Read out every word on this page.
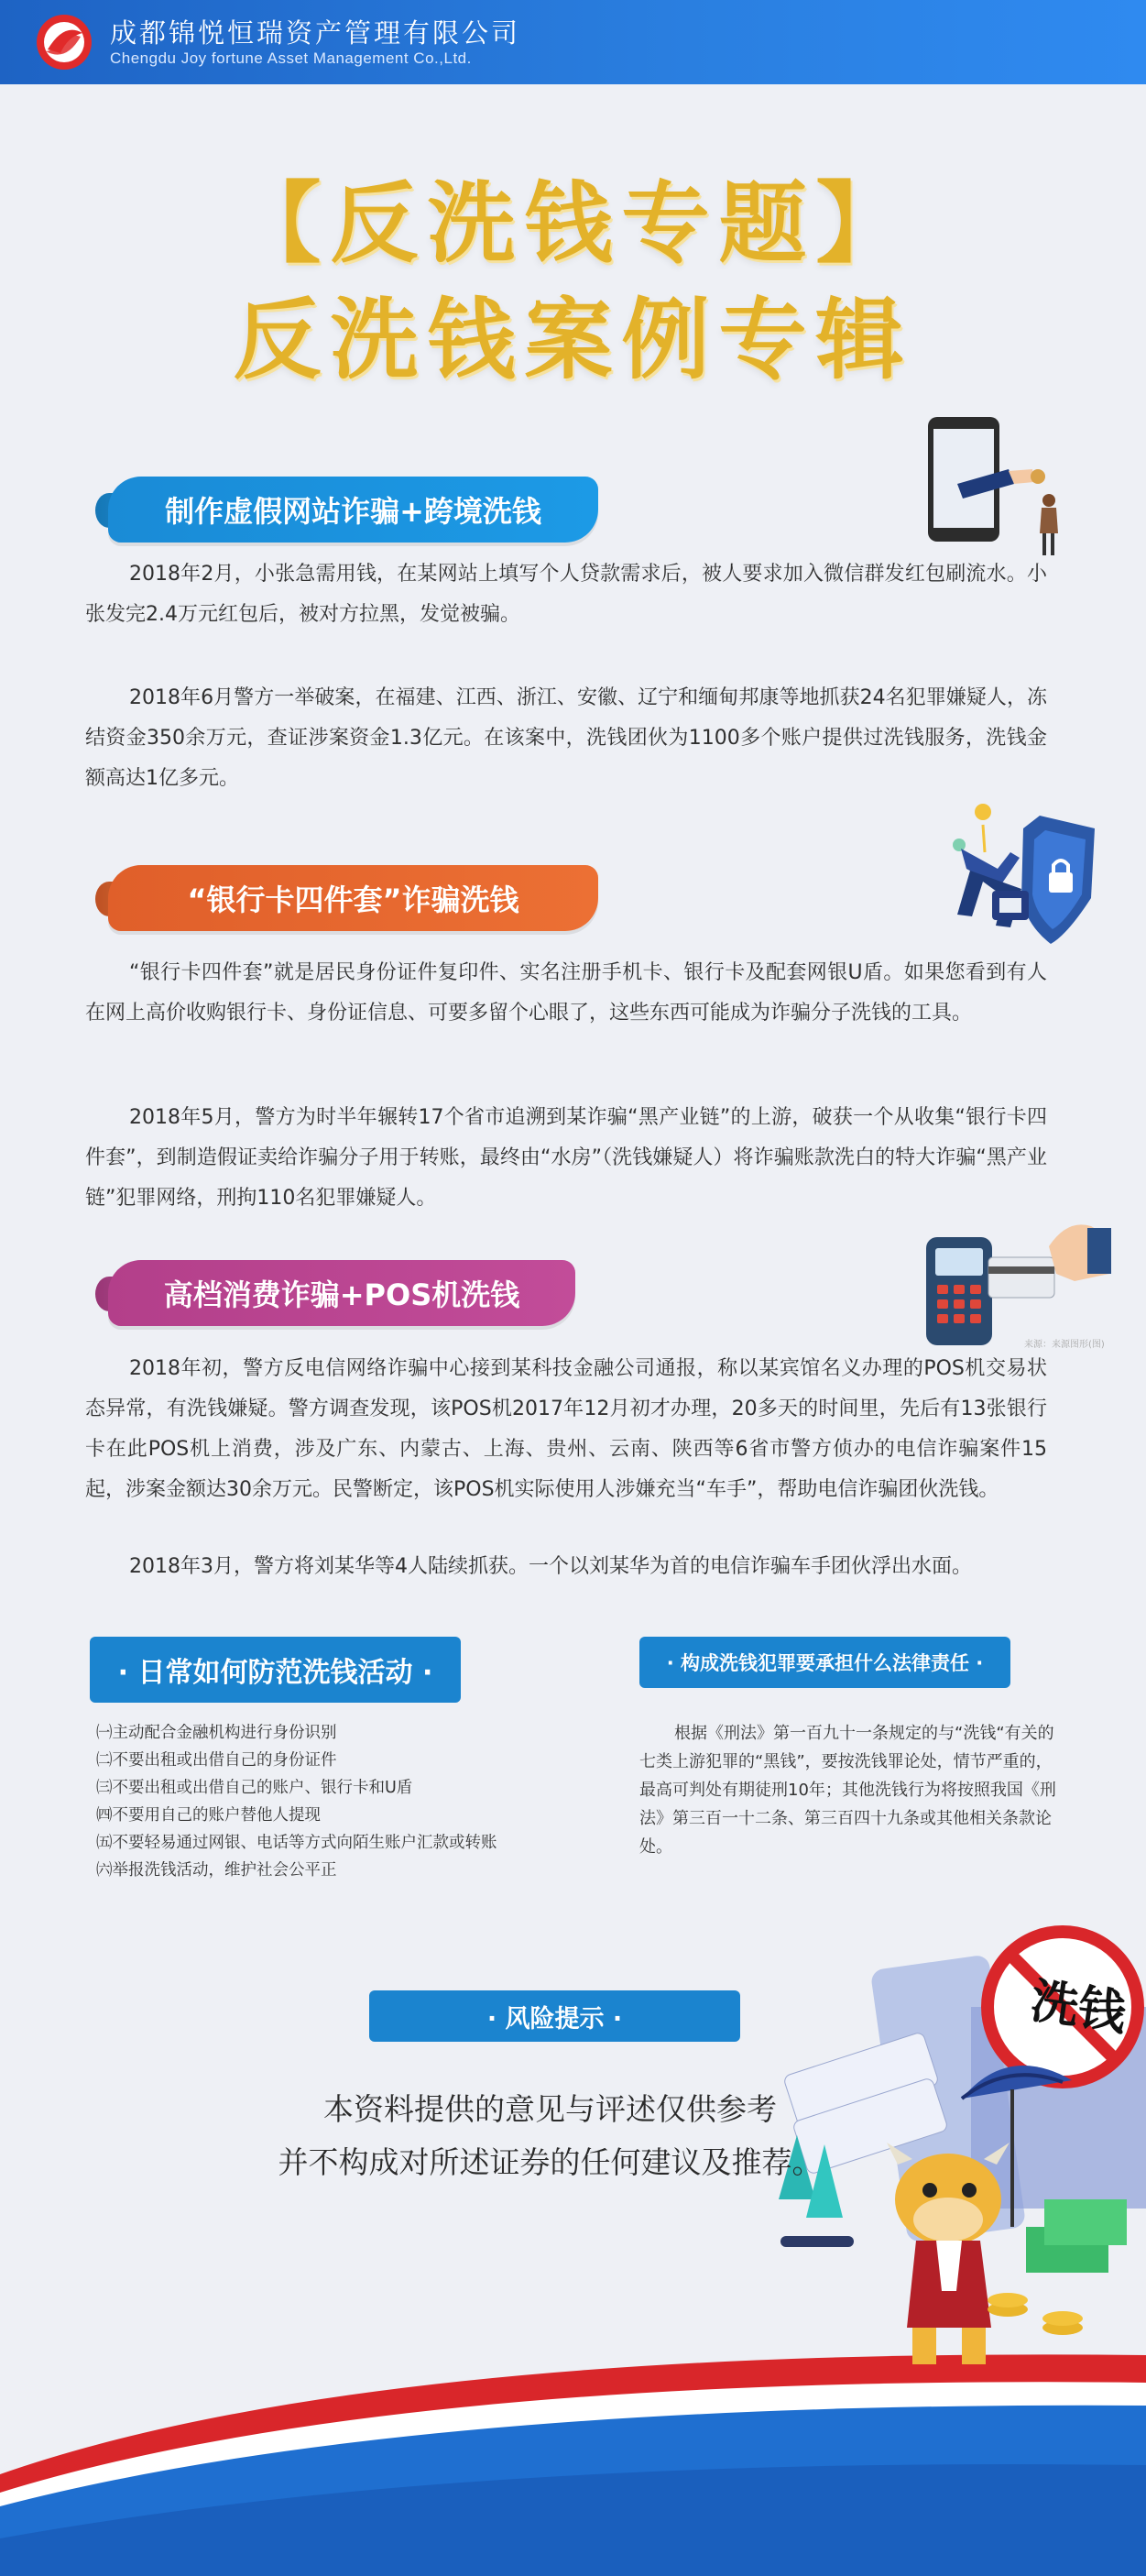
成都锦悦恒瑞资产管理有限公司
Chengdu Joy fortune Asset Management Co.,Ltd.
【反洗钱专题】
反洗钱案例专辑
制作虚假网站诈骗+跨境洗钱
2018年2月，小张急需用钱，在某网站上填写个人贷款需求后，被人要求加入微信群发红包刷流水。小张发完2.4万元红包后，被对方拉黑，发觉被骗。
2018年6月警方一举破案，在福建、江西、浙江、安徽、辽宁和缅甸邦康等地抓获24名犯罪嫌疑人，冻结资金350余万元，查证涉案资金1.3亿元。在该案中，洗钱团伙为1100多个账户提供过洗钱服务，洗钱金额高达1亿多元。
“银行卡四件套”诈骗洗钱
“银行卡四件套”就是居民身份证件复印件、实名注册手机卡、银行卡及配套网银U盾。如果您看到有人在网上高价收购银行卡、身份证信息、可要多留个心眼了，这些东西可能成为诈骗分子洗钱的工具。
2018年5月，警方为时半年辗转17个省市追溯到某诈骗“黑产业链”的上游，破获一个从收集“银行卡四件套”，到制造假证卖给诈骗分子用于转账，最终由“水房”（洗钱嫌疑人）将诈骗账款洗白的特大诈骗“黑产业链”犯罪网络，刑拘110名犯罪嫌疑人。
来源：来源图形(图)
高档消费诈骗+POS机洗钱
2018年初，警方反电信网络诈骗中心接到某科技金融公司通报，称以某宾馆名义办理的POS机交易状态异常，有洗钱嫌疑。警方调查发现，该POS机2017年12月初才办理，20多天的时间里，先后有13张银行卡在此POS机上消费，涉及广东、内蒙古、上海、贵州、云南、陕西等6省市警方侦办的电信诈骗案件15起，涉案金额达30余万元。民警断定，该POS机实际使用人涉嫌充当“车手”，帮助电信诈骗团伙洗钱。
2018年3月，警方将刘某华等4人陆续抓获。一个以刘某华为首的电信诈骗车手团伙浮出水面。
· 日常如何防范洗钱活动 ·
㈠主动配合金融机构进行身份识别
㈡不要出租或出借自己的身份证件
㈢不要出租或出借自己的账户、银行卡和U盾
㈣不要用自己的账户替他人提现
㈤不要轻易通过网银、电话等方式向陌生账户汇款或转账
㈥举报洗钱活动，维护社会公平正
· 构成洗钱犯罪要承担什么法律责任 ·
根据《刑法》第一百九十一条规定的与“洗钱“有关的七类上游犯罪的“黑钱”，要按洗钱罪论处，情节严重的，最高可判处有期徒刑10年；其他洗钱行为将按照我国《刑法》第三百一十二条、第三百四十九条或其他相关条款论处。
洗钱
· 风险提示 ·
本资料提供的意见与评述仅供参考
并不构成对所述证券的任何建议及推荐。
